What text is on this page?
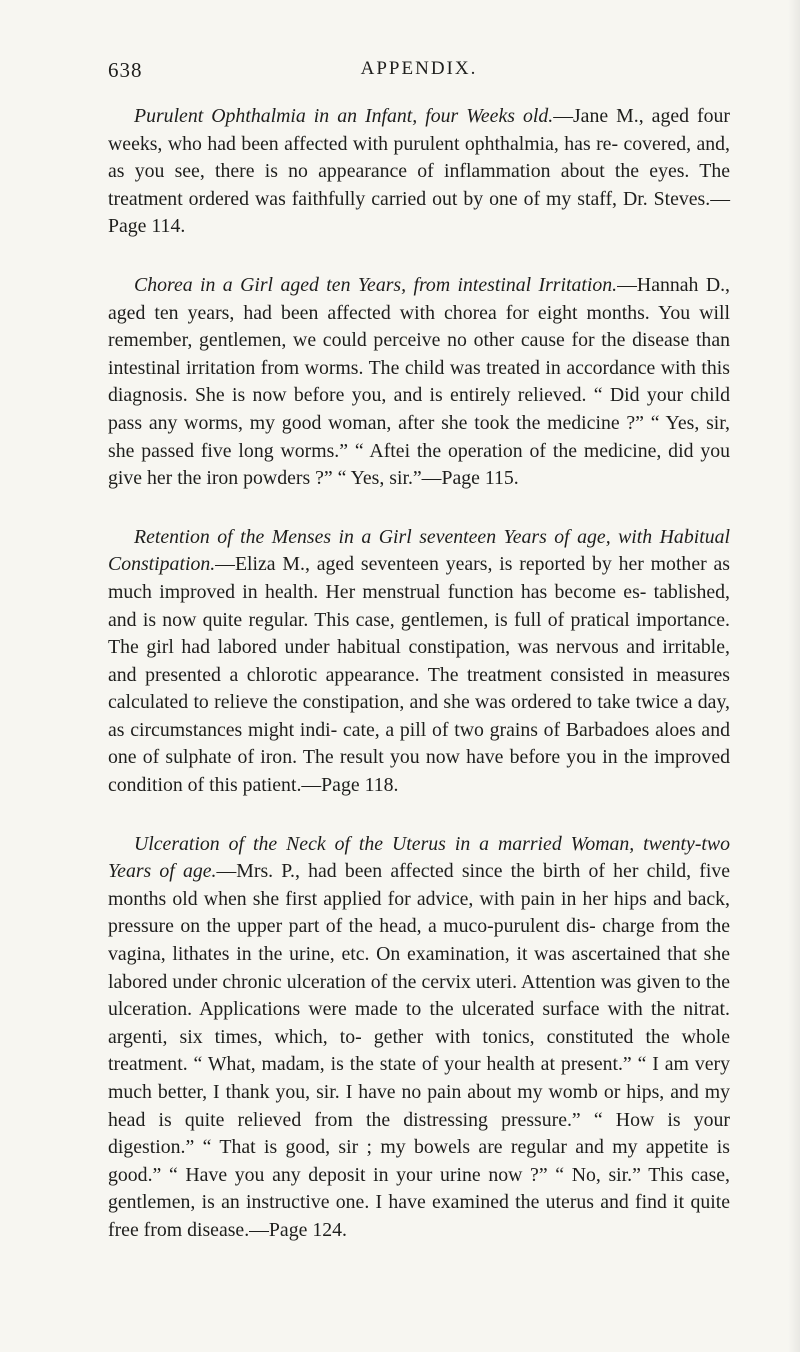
638	APPENDIX.

Purulent Ophthalmia in an Infant, four Weeks old.—Jane M., aged four weeks, who had been affected with purulent ophthalmia, has re- covered, and, as you see, there is no appearance of inflammation about the eyes. The treatment ordered was faithfully carried out by one of my staff, Dr. Steves.—Page 114.

Chorea in a Girl aged ten Years, from intestinal Irritation.—Hannah D., aged ten years, had been affected with chorea for eight months. You will remember, gentlemen, we could perceive no other cause for the disease than intestinal irritation from worms. The child was treated in accordance with this diagnosis. She is now before you, and is entirely relieved. “ Did your child pass any worms, my good woman, after she took the medicine ?” “ Yes, sir, she passed five long worms.” “ Aftei the operation of the medicine, did you give her the iron powders ?” “ Yes, sir.”—Page 115.

Retention of the Menses in a Girl seventeen Years of age, with Habitual Constipation.—Eliza M., aged seventeen years, is reported by her mother as much improved in health. Her menstrual function has become es- tablished, and is now quite regular. This case, gentlemen, is full of pratical importance. The girl had labored under habitual constipation, was nervous and irritable, and presented a chlorotic appearance. The treatment consisted in measures calculated to relieve the constipation, and she was ordered to take twice a day, as circumstances might indi- cate, a pill of two grains of Barbadoes aloes and one of sulphate of iron. The result you now have before you in the improved condition of this patient.—Page 118.

Ulceration of the Neck of the Uterus in a married Woman, twenty-two Years of age.—Mrs. P., had been affected since the birth of her child, five months old when she first applied for advice, with pain in her hips and back, pressure on the upper part of the head, a muco-purulent dis- charge from the vagina, lithates in the urine, etc. On examination, it was ascertained that she labored under chronic ulceration of the cervix uteri. Attention was given to the ulceration. Applications were made to the ulcerated surface with the nitrat. argenti, six times, which, to- gether with tonics, constituted the whole treatment. “ What, madam, is the state of your health at present.” “ I am very much better, I thank you, sir. I have no pain about my womb or hips, and my head is quite relieved from the distressing pressure.” “ How is your digestion.” “ That is good, sir ; my bowels are regular and my appetite is good.” “ Have you any deposit in your urine now ?” “ No, sir.” This case, gentlemen, is an instructive one. I have examined the uterus and find it quite free from disease.—Page 124.
